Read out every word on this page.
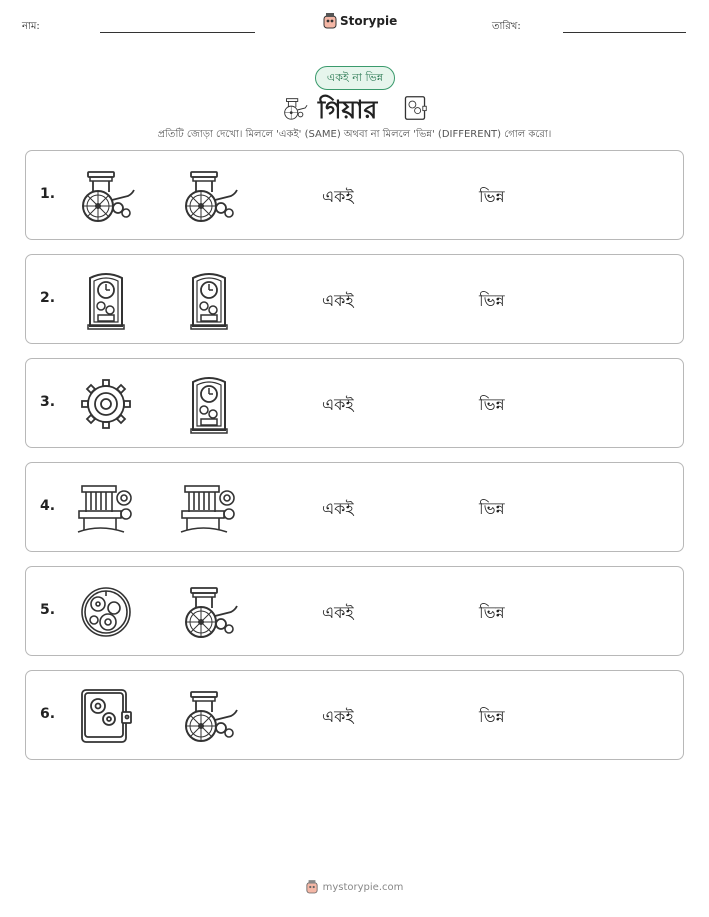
নাম:	Storypie	তারিখ:
একই না ভিন্ন
গিয়ার
প্রতিটি জোড়া দেখো। মিললে 'একই' (SAME) অথবা না মিললে 'ভিন্ন' (DIFFERENT) গোল করো।
1.	একই	ভিন্ন
2.	একই	ভিন্ন
3.	একই	ভিন্ন
4.	একই	ভিন্ন
5.	একই	ভিন্ন
6.	একই	ভিন্ন
mystorypie.com
